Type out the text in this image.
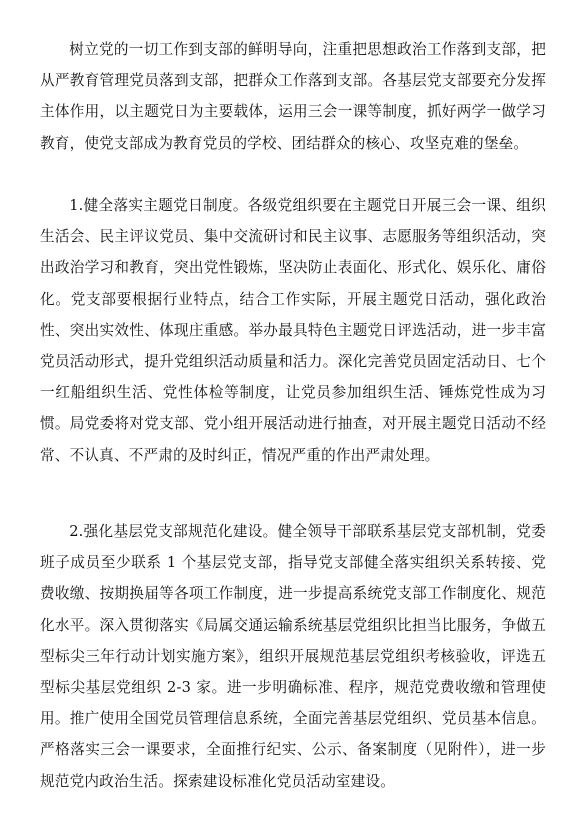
树立党的一切工作到支部的鲜明导向，注重把思想政治工作落到支部，把从严教育管理党员落到支部，把群众工作落到支部。各基层党支部要充分发挥主体作用，以主题党日为主要载体，运用三会一课等制度，抓好两学一做学习教育，使党支部成为教育党员的学校、团结群众的核心、攻坚克难的堡垒。

1.健全落实主题党日制度。各级党组织要在主题党日开展三会一课、组织生活会、民主评议党员、集中交流研讨和民主议事、志愿服务等组织活动，突出政治学习和教育，突出党性锻炼，坚决防止表面化、形式化、娱乐化、庸俗化。党支部要根据行业特点，结合工作实际，开展主题党日活动，强化政治性、突出实效性、体现庄重感。举办最具特色主题党日评选活动，进一步丰富党员活动形式，提升党组织活动质量和活力。深化完善党员固定活动日、七个一红船组织生活、党性体检等制度，让党员参加组织生活、锤炼党性成为习惯。局党委将对党支部、党小组开展活动进行抽查，对开展主题党日活动不经常、不认真、不严肃的及时纠正，情况严重的作出严肃处理。

2.强化基层党支部规范化建设。健全领导干部联系基层党支部机制，党委班子成员至少联系 1 个基层党支部，指导党支部健全落实组织关系转接、党费收缴、按期换届等各项工作制度，进一步提高系统党支部工作制度化、规范化水平。深入贯彻落实《局属交通运输系统基层党组织比担当比服务，争做五型标尖三年行动计划实施方案》，组织开展规范基层党组织考核验收，评选五型标尖基层党组织 2-3 家。进一步明确标准、程序，规范党费收缴和管理使用。推广使用全国党员管理信息系统，全面完善基层党组织、党员基本信息。严格落实三会一课要求，全面推行纪实、公示、备案制度（见附件），进一步规范党内政治生活。探索建设标准化党员活动室建设。
